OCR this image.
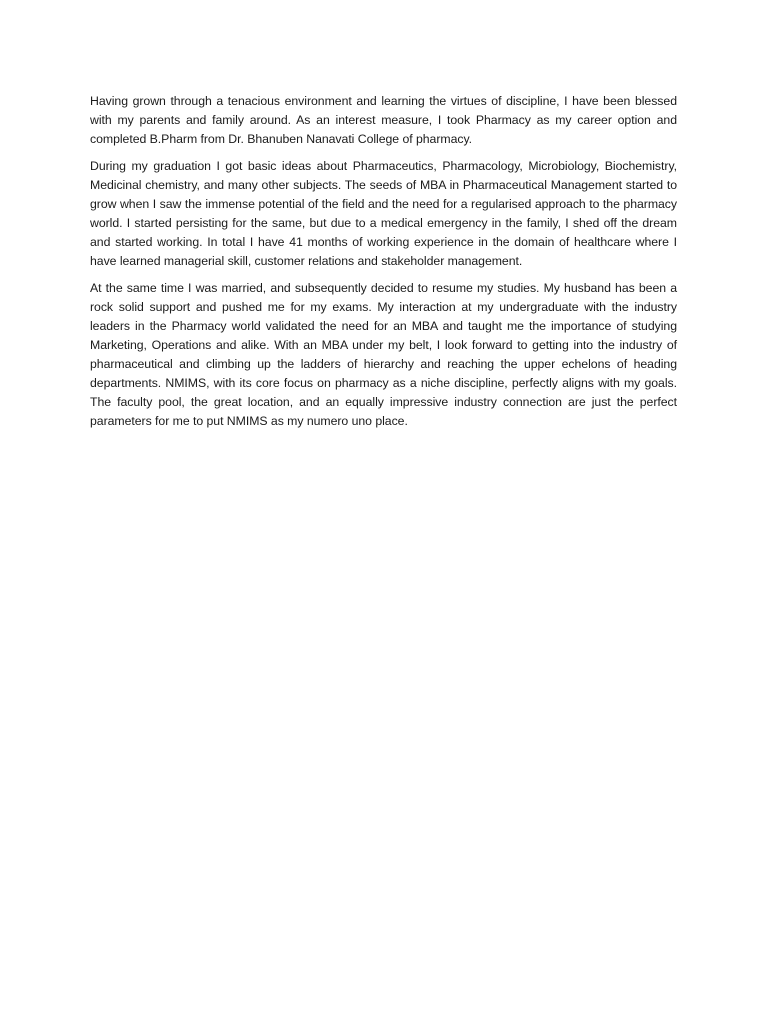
Having grown through a tenacious environment and learning the virtues of discipline, I have been blessed with my parents and family around. As an interest measure, I took Pharmacy as my career option and completed B.Pharm from Dr. Bhanuben Nanavati College of pharmacy.

During my graduation I got basic ideas about Pharmaceutics, Pharmacology, Microbiology, Biochemistry, Medicinal chemistry, and many other subjects. The seeds of MBA in Pharmaceutical Management started to grow when I saw the immense potential of the field and the need for a regularised approach to the pharmacy world. I started persisting for the same, but due to a medical emergency in the family, I shed off the dream and started working. In total I have 41 months of working experience in the domain of healthcare where I have learned managerial skill, customer relations and stakeholder management.

At the same time I was married, and subsequently decided to resume my studies. My husband has been a rock solid support and pushed me for my exams. My interaction at my undergraduate with the industry leaders in the Pharmacy world validated the need for an MBA and taught me the importance of studying Marketing, Operations and alike. With an MBA under my belt, I look forward to getting into the industry of pharmaceutical and climbing up the ladders of hierarchy and reaching the upper echelons of heading departments. NMIMS, with its core focus on pharmacy as a niche discipline, perfectly aligns with my goals. The faculty pool, the great location, and an equally impressive industry connection are just the perfect parameters for me to put NMIMS as my numero uno place.
